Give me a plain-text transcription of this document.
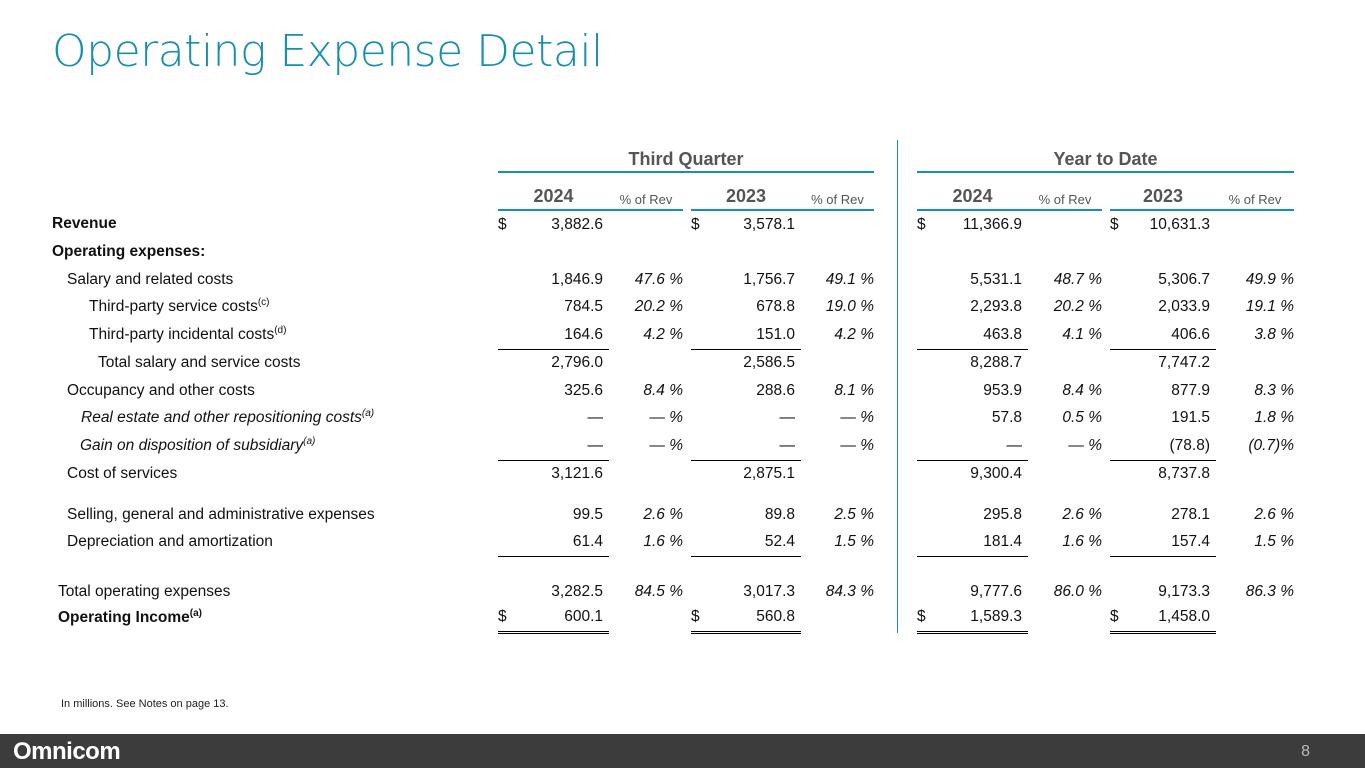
Operating Expense Detail
	Third Quarter							Year to Date				
	2024	% of Rev		2023	% of Rev			2024	% of Rev		2023	% of Rev
Revenue	$ 3,882.6			$ 3,578.1				$ 11,366.9			$ 10,631.3	
Operating expenses:												
Salary and related costs	1,846.9	47.6 %		1,756.7	49.1 %			5,531.1	48.7 %		5,306.7	49.9 %
Third-party service costs$^{(c)}$	784.5	20.2 %		678.8	19.0 %			2,293.8	20.2 %		2,033.9	19.1 %
Third-party incidental costs$^{(d)}$	164.6	4.2 %		151.0	4.2 %			463.8	4.1 %		406.6	3.8 %
Total salary and service costs	2,796.0			2,586.5				8,288.7			7,747.2	
Occupancy and other costs	325.6	8.4 %		288.6	8.1 %			953.9	8.4 %		877.9	8.3 %
Real estate and other repositioning costs$^{(a)}$	—	— %		—	— %			57.8	0.5 %		191.5	1.8 %
Gain on disposition of subsidiary$^{(a)}$	—	— %		—	— %			—	— %		(78.8)	(0.7)%
Cost of services	3,121.6			2,875.1				9,300.4			8,737.8	
Selling, general and administrative expenses	99.5	2.6 %		89.8	2.5 %			295.8	2.6 %		278.1	2.6 %
Depreciation and amortization	61.4	1.6 %		52.4	1.5 %			181.4	1.6 %		157.4	1.5 %
Total operating expenses	3,282.5	84.5 %		3,017.3	84.3 %			9,777.6	86.0 %		9,173.3	86.3 %
Operating Income$^{(a)}$	$ 600.1			$ 560.8				$ 1,589.3			$ 1,458.0	
In millions. See Notes on page 13.
Omnicom	8
